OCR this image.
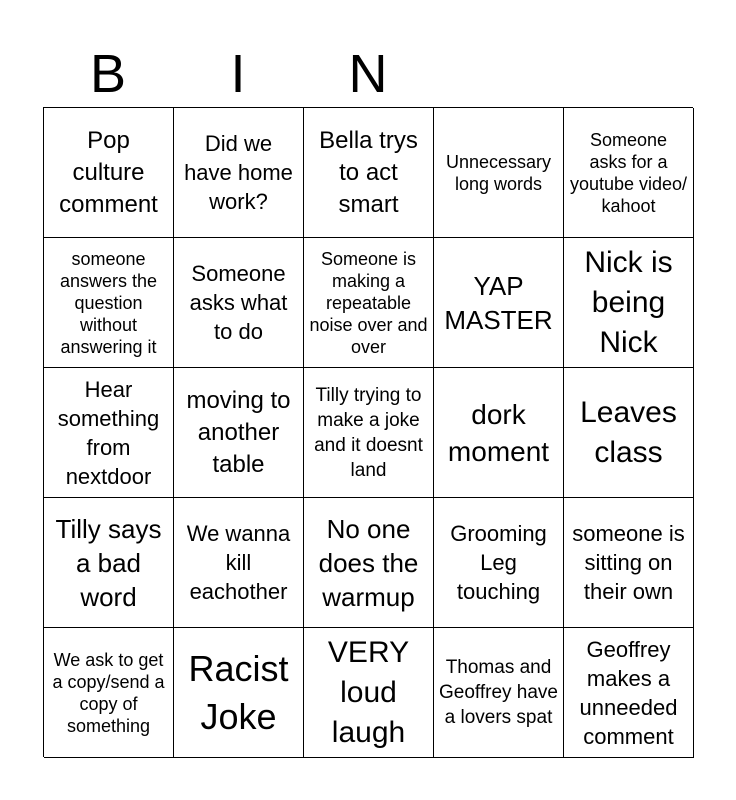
B	I	N
Pop culture comment
Did we have home work?
Bella trys to act smart
Unnecessary long words
Someone asks for a youtube video/ kahoot
someone answers the question without answering it
Someone asks what to do
Someone is making a repeatable noise over and over
YAP MASTER
Nick is being Nick
Hear something from nextdoor
moving to another table
Tilly trying to make a joke and it doesnt land
dork moment
Leaves class
Tilly says a bad word
We wanna kill eachother
No one does the warmup
Grooming Leg touching
someone is sitting on their own
We ask to get a copy/send a copy of something
Racist Joke
VERY loud laugh
Thomas and Geoffrey have a lovers spat
Geoffrey makes a unneeded comment
